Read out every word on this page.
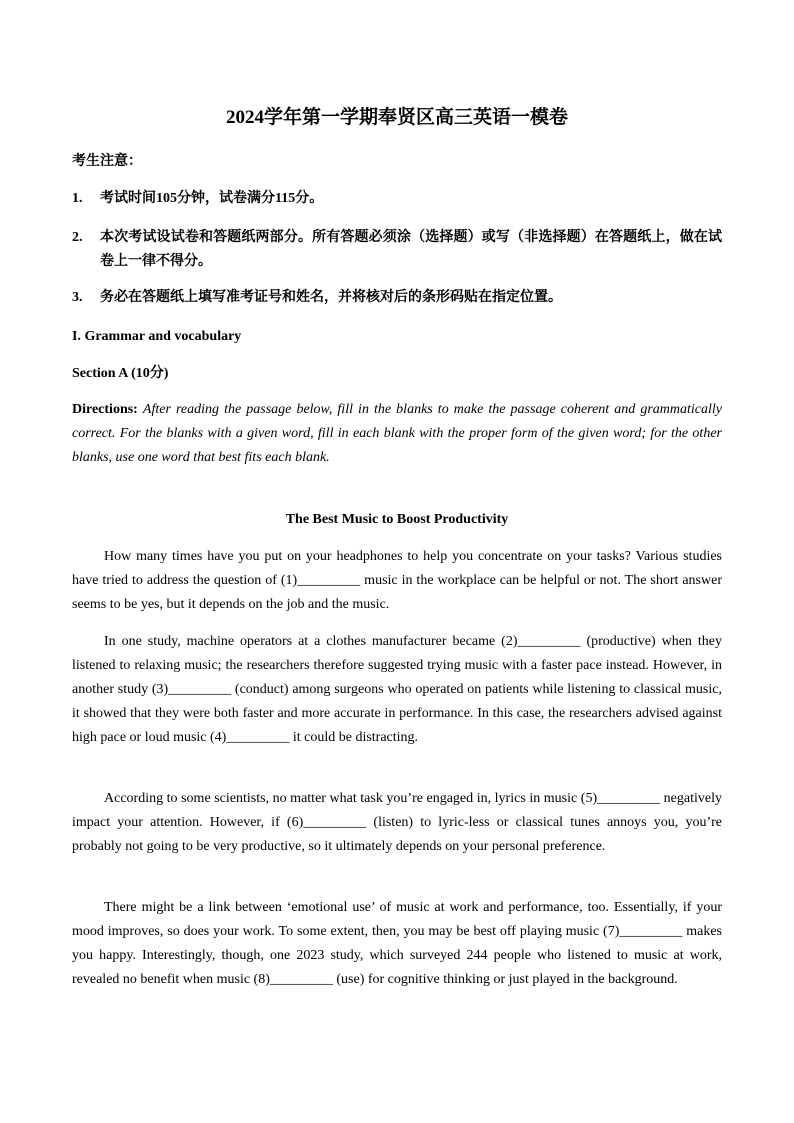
2024学年第一学期奉贤区高三英语一模卷
考生注意：
1.	考试时间105分钟，试卷满分115分。
2.	本次考试设试卷和答题纸两部分。所有答题必须涂（选择题）或写（非选择题）在答题纸上，做在试卷上一律不得分。
3.	务必在答题纸上填写准考证号和姓名，并将核对后的条形码贴在指定位置。
I. Grammar and vocabulary
Section A (10分)
Directions: After reading the passage below, fill in the blanks to make the passage coherent and grammatically correct. For the blanks with a given word, fill in each blank with the proper form of the given word; for the other blanks, use one word that best fits each blank.
The Best Music to Boost Productivity
How many times have you put on your headphones to help you concentrate on your tasks? Various studies have tried to address the question of (1)_________ music in the workplace can be helpful or not. The short answer seems to be yes, but it depends on the job and the music.
In one study, machine operators at a clothes manufacturer became (2)_________ (productive) when they listened to relaxing music; the researchers therefore suggested trying music with a faster pace instead. However, in another study (3)_________ (conduct) among surgeons who operated on patients while listening to classical music, it showed that they were both faster and more accurate in performance. In this case, the researchers advised against high pace or loud music (4)_________ it could be distracting.
According to some scientists, no matter what task you’re engaged in, lyrics in music (5)_________ negatively impact your attention. However, if (6)_________ (listen) to lyric-less or classical tunes annoys you, you’re probably not going to be very productive, so it ultimately depends on your personal preference.
There might be a link between ‘emotional use’ of music at work and performance, too. Essentially, if your mood improves, so does your work. To some extent, then, you may be best off playing music (7)_________ makes you happy. Interestingly, though, one 2023 study, which surveyed 244 people who listened to music at work, revealed no benefit when music (8)_________ (use) for cognitive thinking or just played in the background.
